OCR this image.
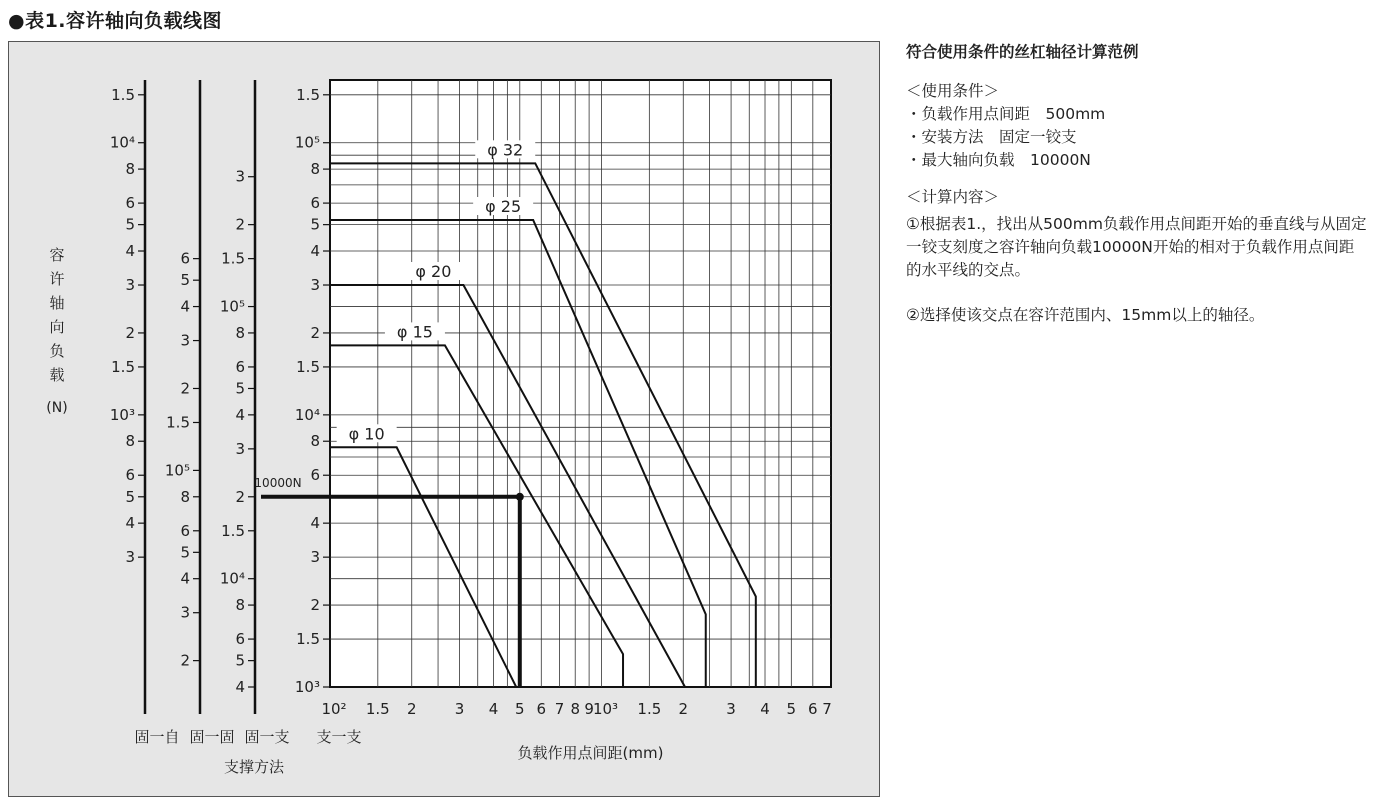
●表1.容许轴向负载线图
10² 1.5 2	3 4 5 6 7 8 9 10³ 1.5 2	3 4 5 6 7
负载作用点间距(mm)
1.5
10⁴
8
6
5
4
3
2
1.5
10³
8
6
5
4
3
6
5
4
3
2
1.5
10⁵
8
6
5
4
3
2
3
2
1.5
10⁵
8
6
5
4
3
2
1.5
10⁴
8
6
5
4
1.5
10⁵
8
6
5
4
3
2
1.5
10⁴
8
6
4
3
2
1.5
10³
固一自 固一固 固一支 支一支
支撑方法
容
许
轴
向
负
载
(N)
φ 32
φ 25
φ 20
φ 15
φ 10
10000N
符合使用条件的丝杠轴径计算范例
＜使用条件＞
・负载作用点间距　500mm
・安装方法　固定一铰支
・最大轴向负载　10000N
＜计算内容＞
①根据表1.，找出从500mm负载作用点间距开始的垂直线与从固定一铰支刻度之容许轴向负载10000N开始的相对于负载作用点间距的水平线的交点。
②选择使该交点在容许范围内、15mm以上的轴径。
